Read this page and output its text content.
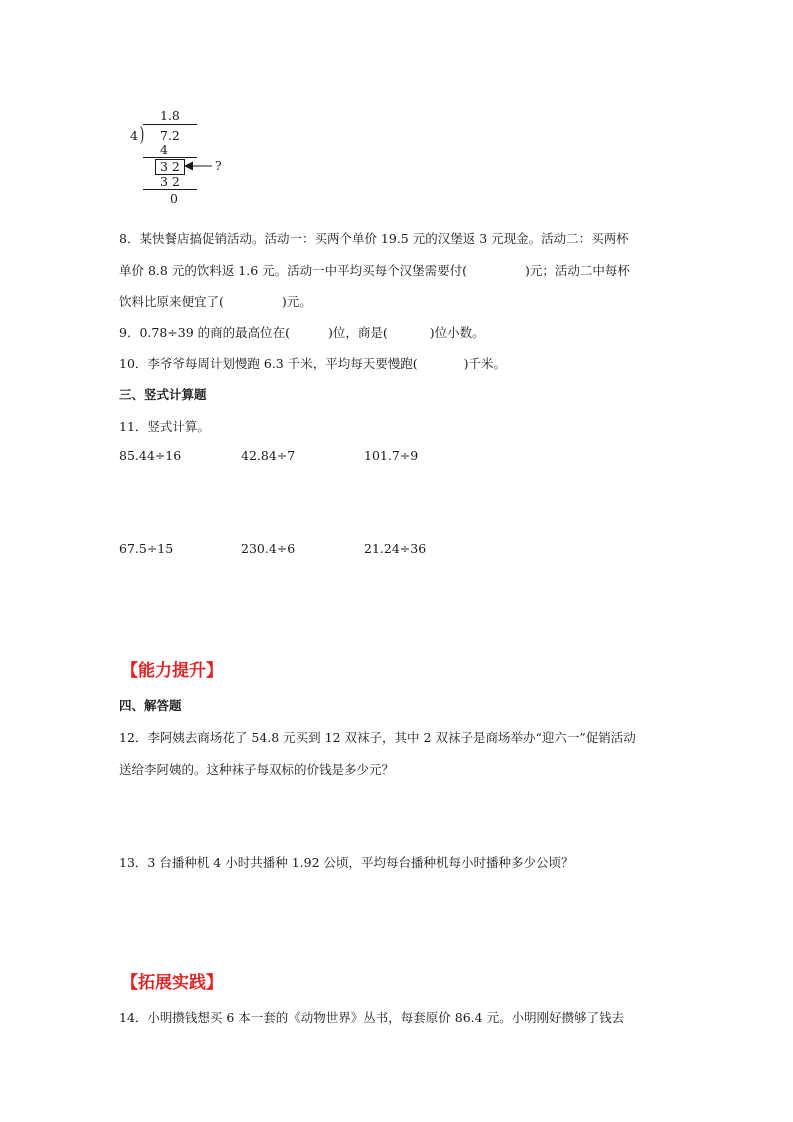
1.8
4 ) 7.2
4
3 2	?
3 2
0
8．某快餐店搞促销活动。活动一：买两个单价 19.5 元的汉堡返 3 元现金。活动二：买两杯
单价 8.8 元的饮料返 1.6 元。活动一中平均买每个汉堡需要付(	)元；活动二中每杯
饮料比原来便宜了(	)元。
9．0.78÷39 的商的最高位在(	)位，商是(	)位小数。
10．李爷爷每周计划慢跑 6.3 千米，平均每天要慢跑(	)千米。
三、竖式计算题
11．竖式计算。
85.44÷16	42.84÷7	101.7÷9
67.5÷15	230.4÷6	21.24÷36
【能力提升】
四、解答题
12．李阿姨去商场花了 54.8 元买到 12 双袜子，其中 2 双袜子是商场举办“迎六一”促销活动
送给李阿姨的。这种袜子每双标的价钱是多少元？
13．3 台播种机 4 小时共播种 1.92 公顷，平均每台播种机每小时播种多少公顷？
【拓展实践】
14．小明攒钱想买 6 本一套的《动物世界》丛书，每套原价 86.4 元。小明刚好攒够了钱去
